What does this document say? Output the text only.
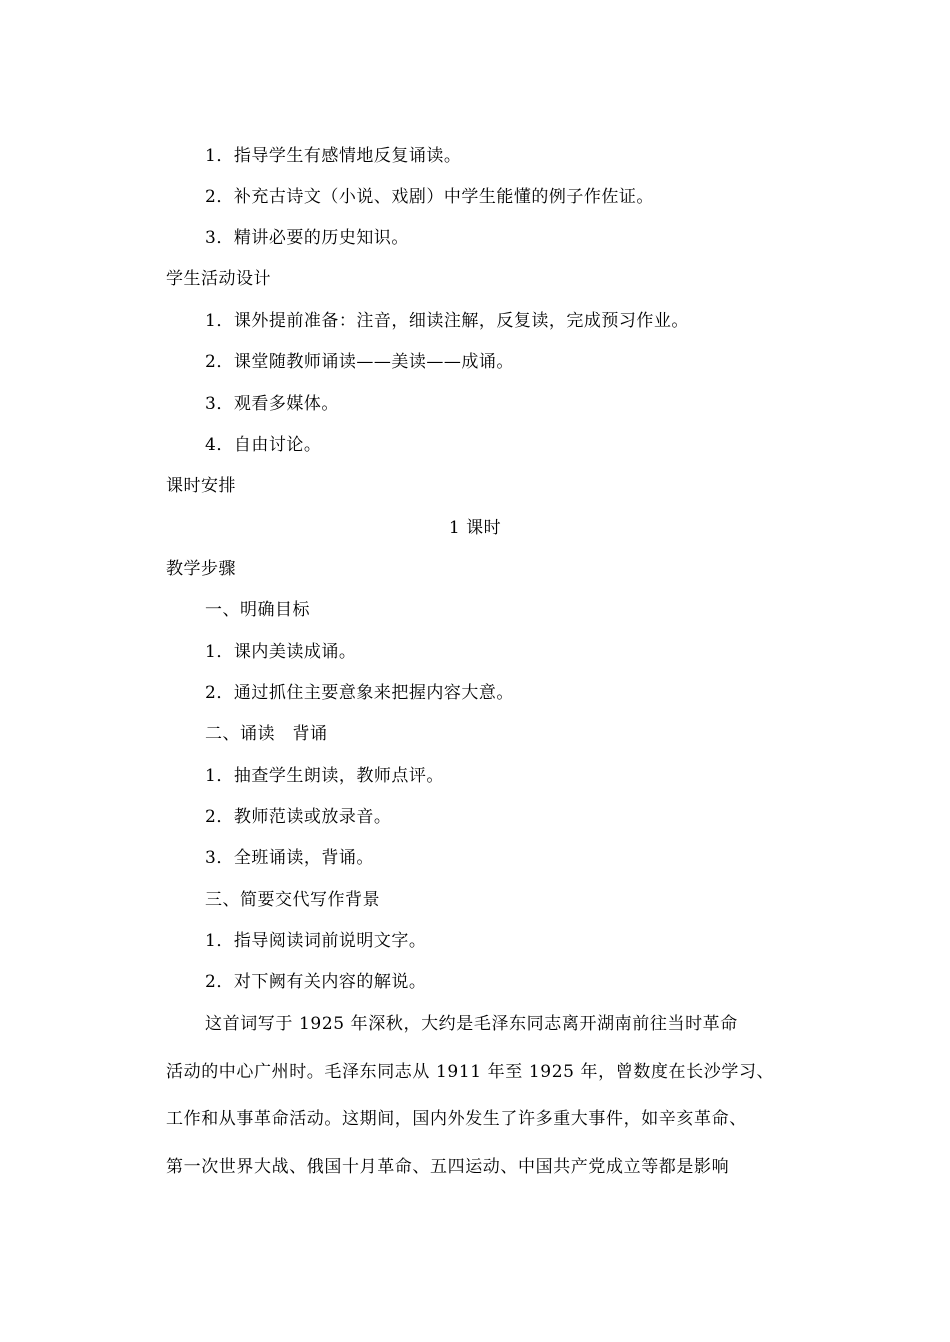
1．指导学生有感情地反复诵读。
2．补充古诗文（小说、戏剧）中学生能懂的例子作佐证。
3．精讲必要的历史知识。
学生活动设计
1．课外提前准备：注音，细读注解，反复读，完成预习作业。
2．课堂随教师诵读——美读——成诵。
3．观看多媒体。
4．自由讨论。
课时安排
1 课时
教学步骤
一、明确目标
1．课内美读成诵。
2．通过抓住主要意象来把握内容大意。
二、诵读　背诵
1．抽查学生朗读，教师点评。
2．教师范读或放录音。
3．全班诵读，背诵。
三、简要交代写作背景
1．指导阅读词前说明文字。
2．对下阙有关内容的解说。
这首词写于 1925 年深秋，大约是毛泽东同志离开湖南前往当时革命
活动的中心广州时。毛泽东同志从 1911 年至 1925 年，曾数度在长沙学习、
工作和从事革命活动。这期间，国内外发生了许多重大事件，如辛亥革命、
第一次世界大战、俄国十月革命、五四运动、中国共产党成立等都是影响
